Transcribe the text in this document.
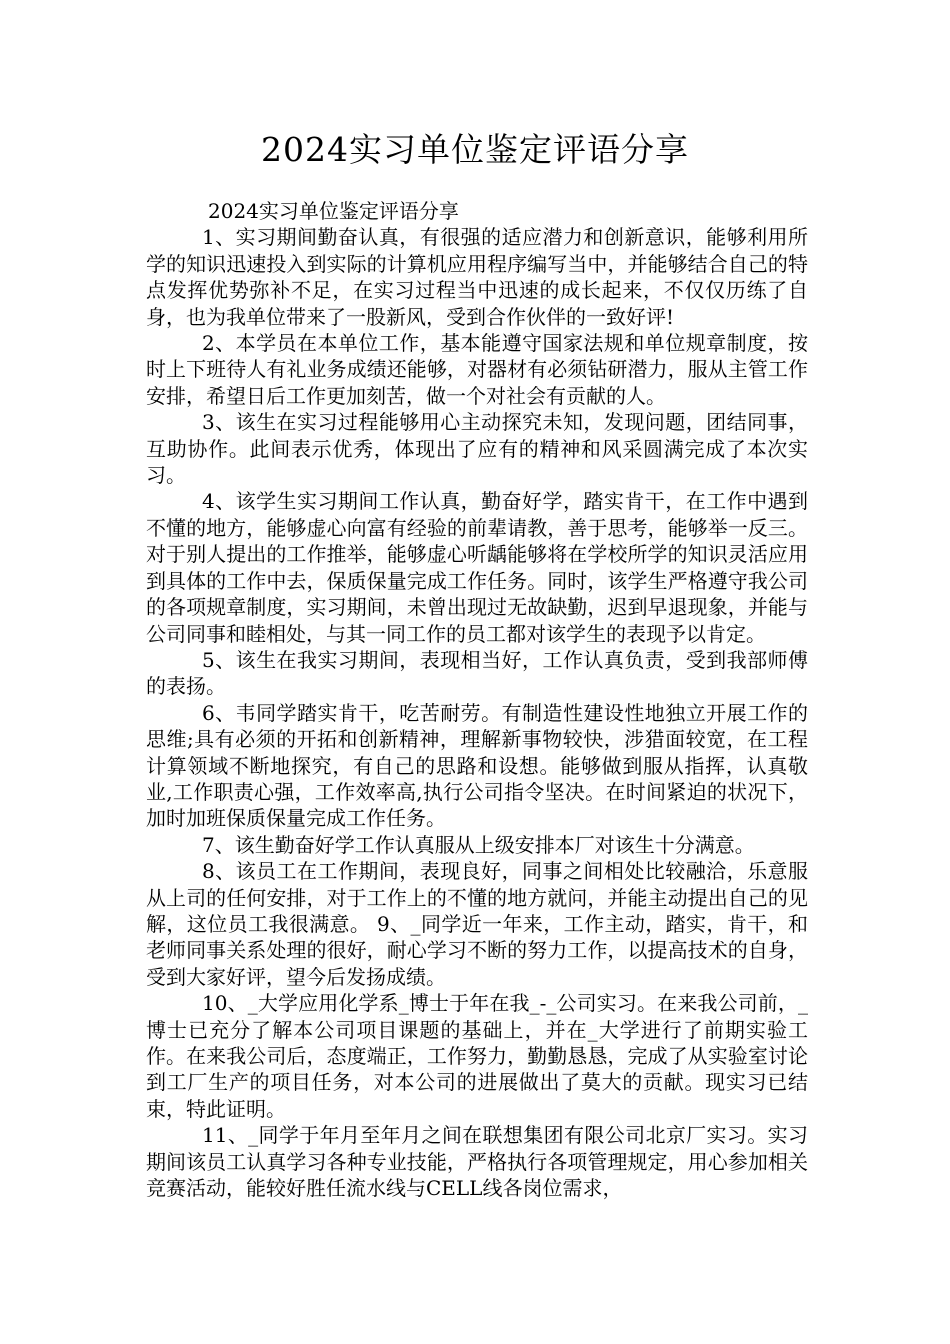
2024实习单位鉴定评语分享

2024实习单位鉴定评语分享

1、实习期间勤奋认真，有很强的适应潜力和创新意识，能够利用所学的知识迅速投入到实际的计算机应用程序编写当中，并能够结合自己的特点发挥优势弥补不足，在实习过程当中迅速的成长起来，不仅仅历练了自身，也为我单位带来了一股新风，受到合作伙伴的一致好评!

2、本学员在本单位工作，基本能遵守国家法规和单位规章制度，按时上下班待人有礼业务成绩还能够，对器材有必须钻研潜力，服从主管工作安排，希望日后工作更加刻苦，做一个对社会有贡献的人。

3、该生在实习过程能够用心主动探究未知，发现问题，团结同事，互助协作。此间表示优秀，体现出了应有的精神和风采圆满完成了本次实习。

4、该学生实习期间工作认真，勤奋好学，踏实肯干，在工作中遇到不懂的地方，能够虚心向富有经验的前辈请教，善于思考，能够举一反三。对于别人提出的工作推举，能够虚心听龋能够将在学校所学的知识灵活应用到具体的工作中去，保质保量完成工作任务。同时，该学生严格遵守我公司的各项规章制度，实习期间，未曾出现过无故缺勤，迟到早退现象，并能与公司同事和睦相处，与其一同工作的员工都对该学生的表现予以肯定。

5、该生在我实习期间，表现相当好，工作认真负责，受到我部师傅的表扬。

6、韦同学踏实肯干，吃苦耐劳。有制造性建设性地独立开展工作的思维;具有必须的开拓和创新精神，理解新事物较快，涉猎面较宽，在工程计算领域不断地探究，有自己的思路和设想。能够做到服从指挥，认真敬业,工作职责心强，工作效率高,执行公司指令坚决。在时间紧迫的状况下，加时加班保质保量完成工作任务。

7、该生勤奋好学工作认真服从上级安排本厂对该生十分满意。

8、该员工在工作期间，表现良好，同事之间相处比较融洽，乐意服从上司的任何安排，对于工作上的不懂的地方就问，并能主动提出自己的见解，这位员工我很满意。 9、_同学近一年来，工作主动，踏实，肯干，和老师同事关系处理的很好，耐心学习不断的努力工作，以提高技术的自身，受到大家好评，望今后发扬成绩。

10、_大学应用化学系_博士于年在我_-_公司实习。在来我公司前，_博士已充分了解本公司项目课题的基础上，并在_大学进行了前期实验工作。在来我公司后，态度端正，工作努力，勤勤恳恳，完成了从实验室讨论到工厂生产的项目任务，对本公司的进展做出了莫大的贡献。现实习已结束，特此证明。

11、_同学于年月至年月之间在联想集团有限公司北京厂实习。实习期间该员工认真学习各种专业技能，严格执行各项管理规定，用心参加相关竞赛活动，能较好胜任流水线与CELL线各岗位需求，
